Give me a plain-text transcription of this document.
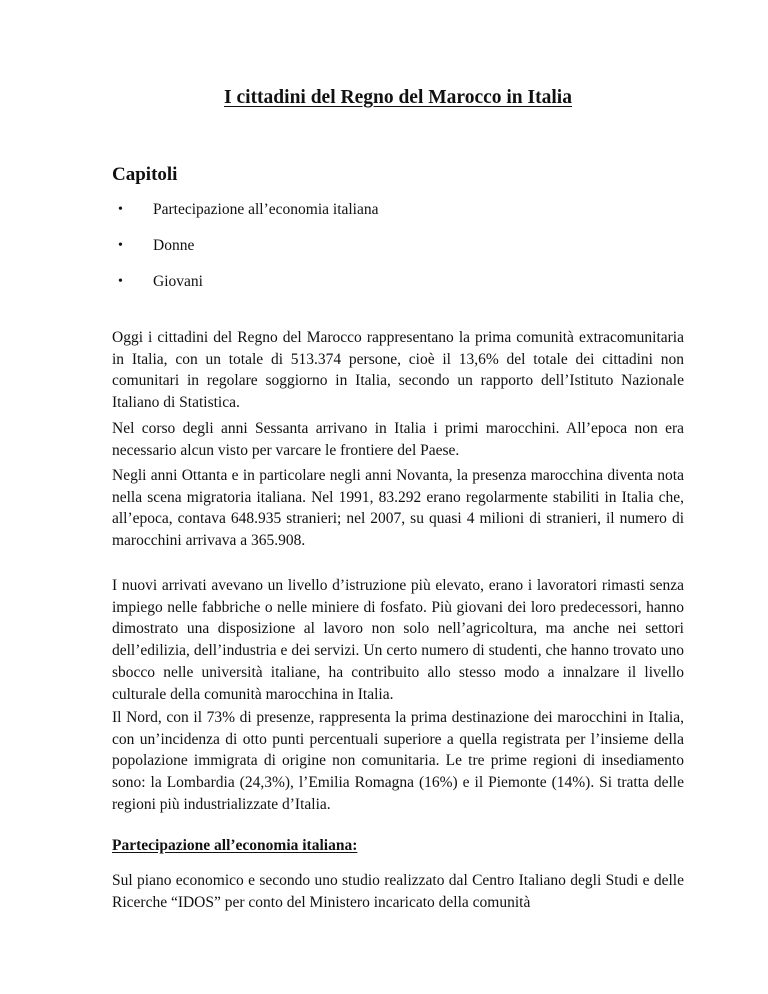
I cittadini del Regno del Marocco in Italia
Capitoli
• Partecipazione all’economia italiana
• Donne
• Giovani

Oggi i cittadini del Regno del Marocco rappresentano la prima comunità extracomunitaria in Italia, con un totale di 513.374 persone, cioè il 13,6% del totale dei cittadini non comunitari in regolare soggiorno in Italia, secondo un rapporto dell’Istituto Nazionale Italiano di Statistica.

Nel corso degli anni Sessanta arrivano in Italia i primi marocchini. All’epoca non era necessario alcun visto per varcare le frontiere del Paese.

Negli anni Ottanta e in particolare negli anni Novanta, la presenza marocchina diventa nota nella scena migratoria italiana. Nel 1991, 83.292 erano regolarmente stabiliti in Italia che, all’epoca, contava 648.935 stranieri; nel 2007, su quasi 4 milioni di stranieri, il numero di marocchini arrivava a 365.908.

I nuovi arrivati avevano un livello d’istruzione più elevato, erano i lavoratori rimasti senza impiego nelle fabbriche o nelle miniere di fosfato. Più giovani dei loro predecessori, hanno dimostrato una disposizione al lavoro non solo nell’agricoltura, ma anche nei settori dell’edilizia, dell’industria e dei servizi. Un certo numero di studenti, che hanno trovato uno sbocco nelle università italiane, ha contribuito allo stesso modo a innalzare il livello culturale della comunità marocchina in Italia.

Il Nord, con il 73% di presenze, rappresenta la prima destinazione dei marocchini in Italia, con un’incidenza di otto punti percentuali superiore a quella registrata per l’insieme della popolazione immigrata di origine non comunitaria. Le tre prime regioni di insediamento sono: la Lombardia (24,3%), l’Emilia Romagna (16%) e il Piemonte (14%). Si tratta delle regioni più industrializzate d’Italia.

Partecipazione all’economia italiana:

Sul piano economico e secondo uno studio realizzato dal Centro Italiano degli Studi e delle Ricerche “IDOS” per conto del Ministero incaricato della comunità
